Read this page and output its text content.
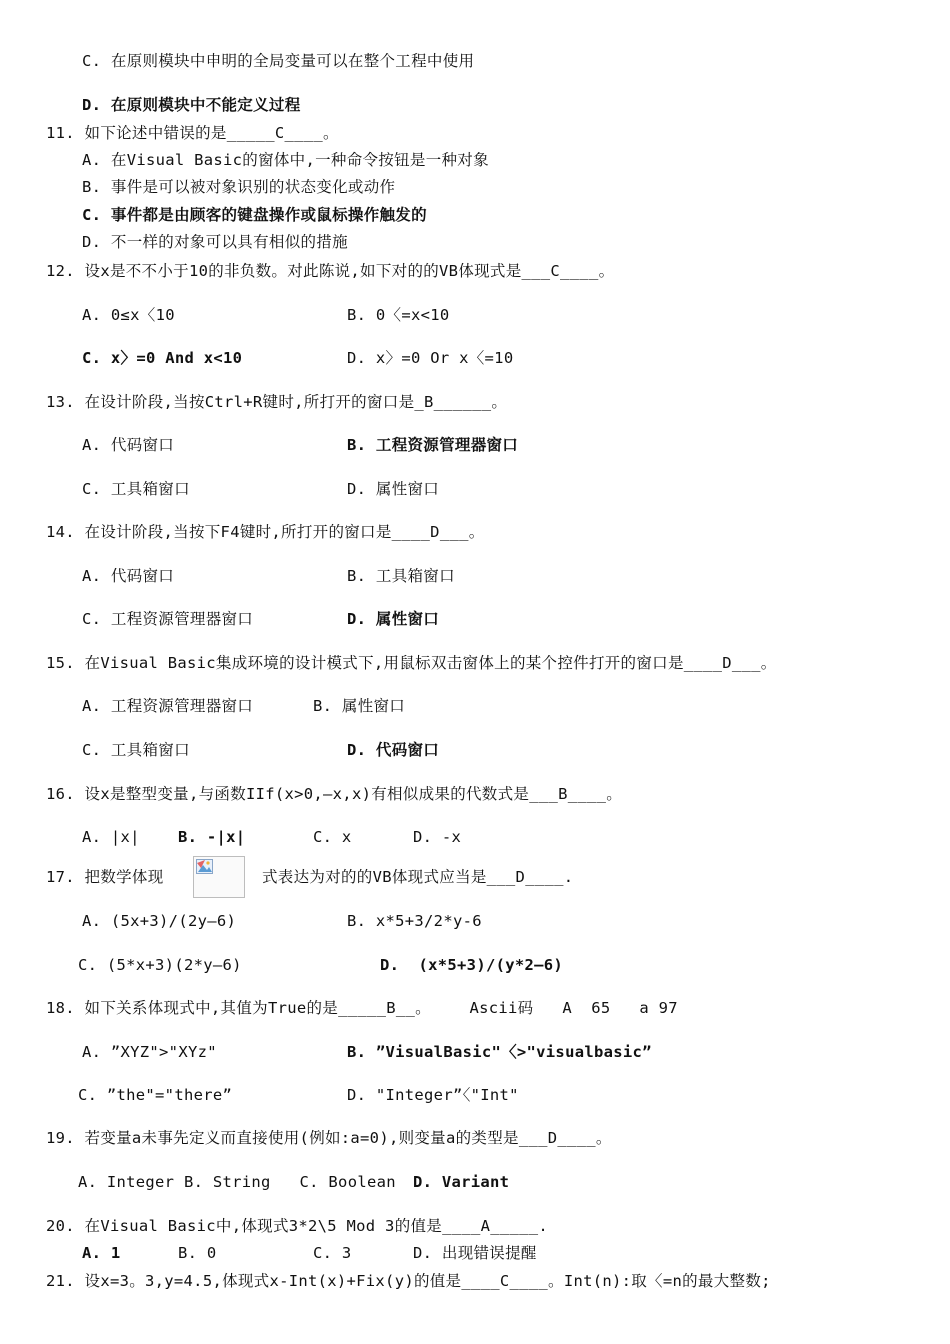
C. 在原则模块中申明的全局变量可以在整个工程中使用
D. 在原则模块中不能定义过程
11. 如下论述中错误的是_____C____。
A. 在Visual Basic的窗体中,一种命令按钮是一种对象
B. 事件是可以被对象识别的状态变化或动作
C. 事件都是由顾客的键盘操作或鼠标操作触发的
D. 不一样的对象可以具有相似的措施
12. 设x是不不小于10的非负数。对此陈说,如下对的的VB体现式是___C____。
A. 0≤x〈10	B. 0〈=x<10
C. x〉=0 And x<10	D. x〉=0 Or x〈=10
13. 在设计阶段,当按Ctrl+R键时,所打开的窗口是_B______。
A. 代码窗口	B. 工程资源管理器窗口
C. 工具箱窗口	D. 属性窗口
14. 在设计阶段,当按下F4键时,所打开的窗口是____D___。
A. 代码窗口	B. 工具箱窗口
C. 工程资源管理器窗口	D. 属性窗口
15. 在Visual Basic集成环境的设计模式下,用鼠标双击窗体上的某个控件打开的窗口是____D___。
A. 工程资源管理器窗口	B. 属性窗口
C. 工具箱窗口	D. 代码窗口
16. 设x是整型变量,与函数IIf(x>0,—x,x)有相似成果的代数式是___B____。
A. |x| B. -|x|	C. x	D. -x
17. 把数学体现	式表达为对的的VB体现式应当是___D____.
A. (5x+3)/(2y—6)	B. x*5+3/2*y-6
C. (5*x+3)(2*y—6)	D.  (x*5+3)/(y*2—6)
18. 如下关系体现式中,其值为True的是_____B__。    Ascii码   A  65   a 97
A. ”XYZ">"XYz"	B. ”VisualBasic"〈>"visualbasic”
C. ”the"="there”	D. "Integer”〈"Int"
19. 若变量a未事先定义而直接使用(例如:a=0),则变量a的类型是___D____。
A. Integer B. String   C. Boolean D. Variant
20. 在Visual Basic中,体现式3*2\5 Mod 3的值是____A_____.
A. 1	B. 0	C. 3	D. 出现错误提醒
21. 设x=3。3,y=4.5,体现式x-Int(x)+Fix(y)的值是____C____。Int(n):取〈=n的最大整数;
